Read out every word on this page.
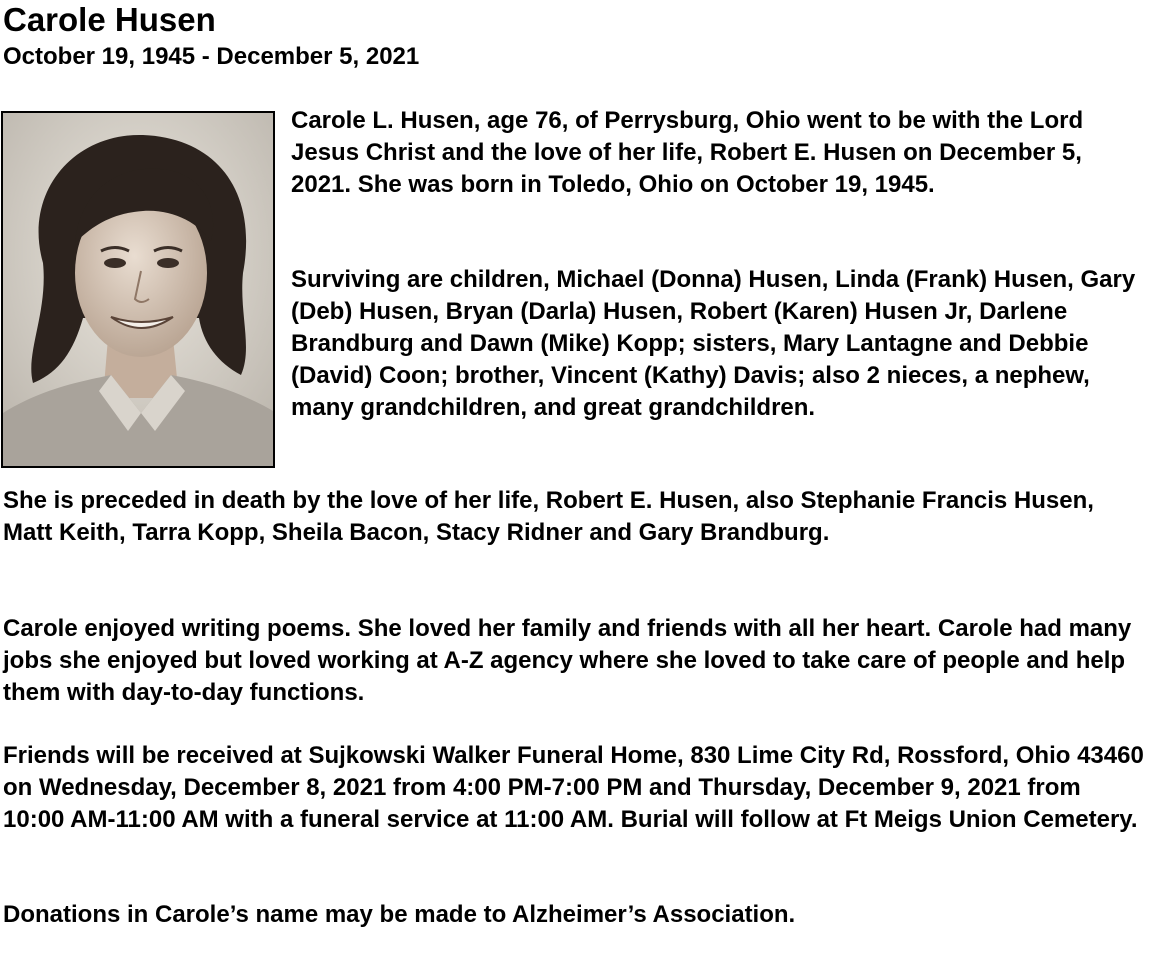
Carole Husen
October 19, 1945 - December 5, 2021

Carole L. Husen, age 76, of Perrysburg, Ohio went to be with the Lord Jesus Christ and the love of her life, Robert E. Husen on December 5, 2021. She was born in Toledo, Ohio on October 19, 1945.

Surviving are children, Michael (Donna) Husen, Linda (Frank) Husen, Gary (Deb) Husen, Bryan (Darla) Husen, Robert (Karen) Husen Jr, Darlene Brandburg and Dawn (Mike) Kopp; sisters, Mary Lantagne and Debbie (David) Coon; brother, Vincent (Kathy) Davis; also 2 nieces, a nephew, many grandchildren, and great grandchildren.

She is preceded in death by the love of her life, Robert E. Husen, also Stephanie Francis Husen, Matt Keith, Tarra Kopp, Sheila Bacon, Stacy Ridner and Gary Brandburg.

Carole enjoyed writing poems. She loved her family and friends with all her heart. Carole had many jobs she enjoyed but loved working at A-Z agency where she loved to take care of people and help them with day-to-day functions.

Friends will be received at Sujkowski Walker Funeral Home, 830 Lime City Rd, Rossford, Ohio 43460 on Wednesday, December 8, 2021 from 4:00 PM-7:00 PM and Thursday, December 9, 2021 from 10:00 AM-11:00 AM with a funeral service at 11:00 AM. Burial will follow at Ft Meigs Union Cemetery.

Donations in Carole’s name may be made to Alzheimer’s Association.
